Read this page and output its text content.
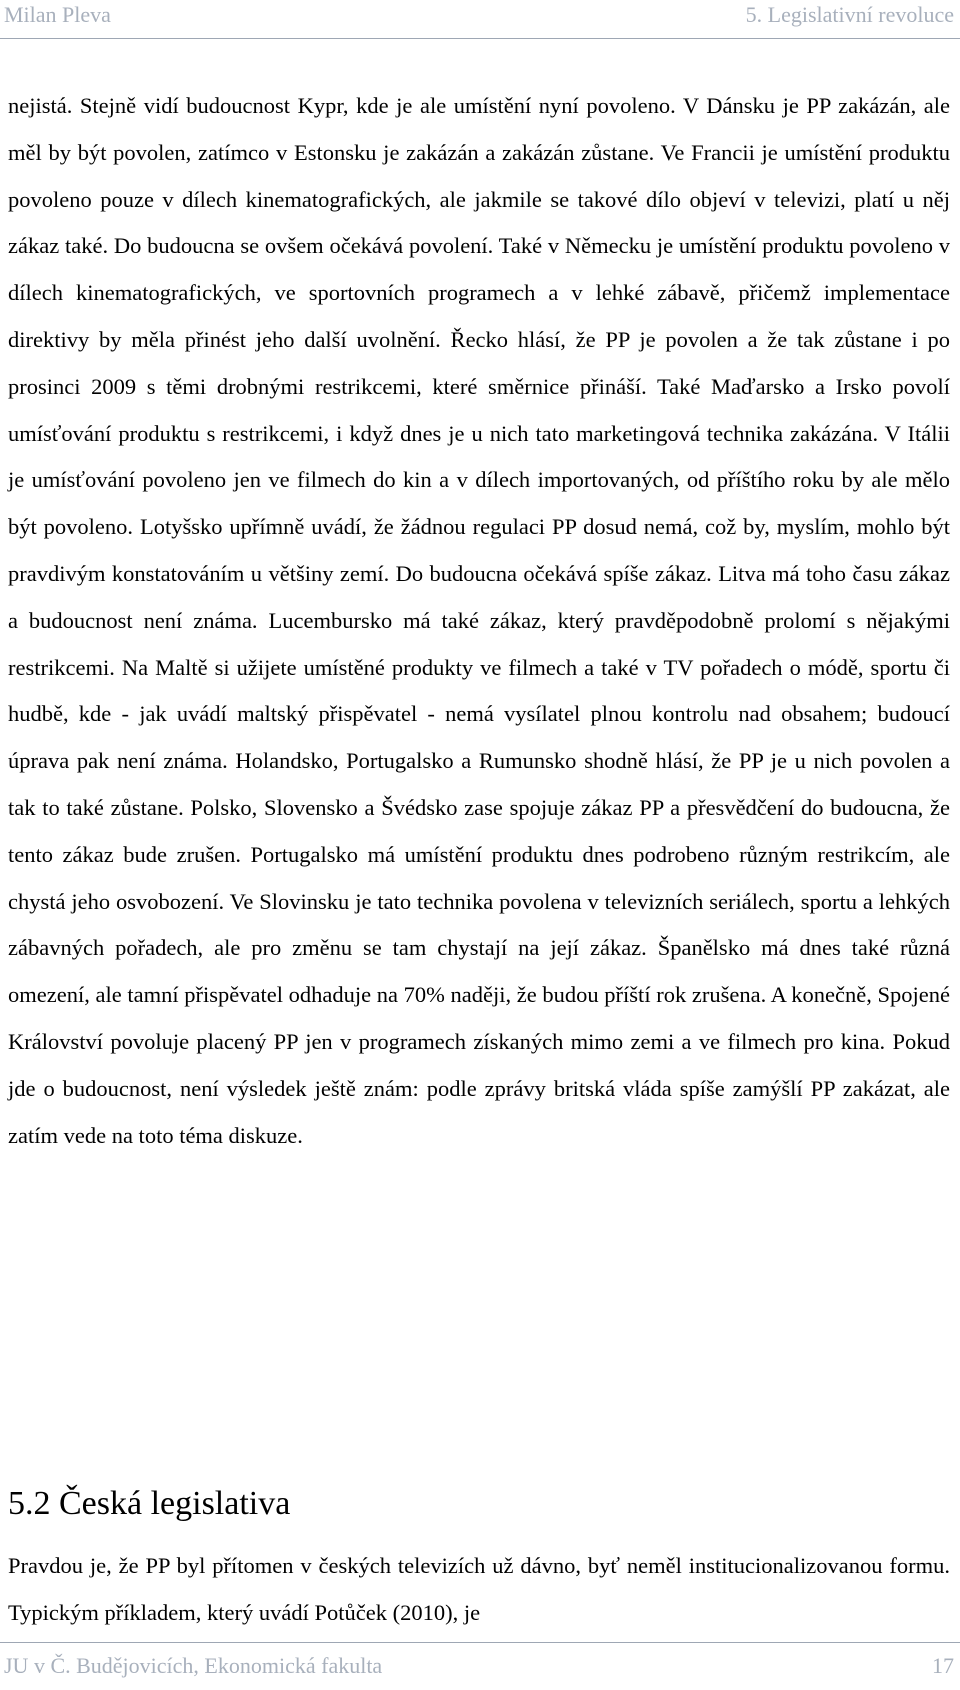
Milan Pleva	5. Legislativní revoluce

nejistá. Stejně vidí budoucnost Kypr, kde je ale umístění nyní povoleno. V Dánsku je PP zakázán, ale měl by být povolen, zatímco v Estonsku je zakázán a zakázán zůstane. Ve Francii je umístění produktu povoleno pouze v dílech kinematografických, ale jakmile se takové dílo objeví v televizi, platí u něj zákaz také. Do budoucna se ovšem očekává povolení. Také v Německu je umístění produktu povoleno v dílech kinematografických, ve sportovních programech a v lehké zábavě, přičemž implementace direktivy by měla přinést jeho další uvolnění. Řecko hlásí, že PP je povolen a že tak zůstane i po prosinci 2009 s těmi drobnými restrikcemi, které směrnice přináší. Také Maďarsko a Irsko povolí umísťování produktu s restrikcemi, i když dnes je u nich tato marketingová technika zakázána. V Itálii je umísťování povoleno jen ve filmech do kin a v dílech importovaných, od příštího roku by ale mělo být povoleno. Lotyšsko upřímně uvádí, že žádnou regulaci PP dosud nemá, což by, myslím, mohlo být pravdivým konstatováním u většiny zemí. Do budoucna očekává spíše zákaz. Litva má toho času zákaz a budoucnost není známa. Lucembursko má také zákaz, který pravděpodobně prolomí s nějakými restrikcemi. Na Maltě si užijete umístěné produkty ve filmech a také v TV pořadech o módě, sportu či hudbě, kde - jak uvádí maltský přispěvatel - nemá vysílatel plnou kontrolu nad obsahem; budoucí úprava pak není známa. Holandsko, Portugalsko a Rumunsko shodně hlásí, že PP je u nich povolen a tak to také zůstane. Polsko, Slovensko a Švédsko zase spojuje zákaz PP a přesvědčení do budoucna, že tento zákaz bude zrušen. Portugalsko má umístění produktu dnes podrobeno různým restrikcím, ale chystá jeho osvobození. Ve Slovinsku je tato technika povolena v televizních seriálech, sportu a lehkých zábavných pořadech, ale pro změnu se tam chystají na její zákaz. Španělsko má dnes také různá omezení, ale tamní přispěvatel odhaduje na 70% naději, že budou příští rok zrušena. A konečně, Spojené Království povoluje placený PP jen v programech získaných mimo zemi a ve filmech pro kina. Pokud jde o budoucnost, není výsledek ještě znám: podle zprávy britská vláda spíše zamýšlí PP zakázat, ale zatím vede na toto téma diskuze.

5.2 Česká legislativa

Pravdou je, že PP byl přítomen v českých televizích už dávno, byť neměl institucionalizovanou formu. Typickým příkladem, který uvádí Potůček (2010), je

JU v Č. Budějovicích, Ekonomická fakulta	17
